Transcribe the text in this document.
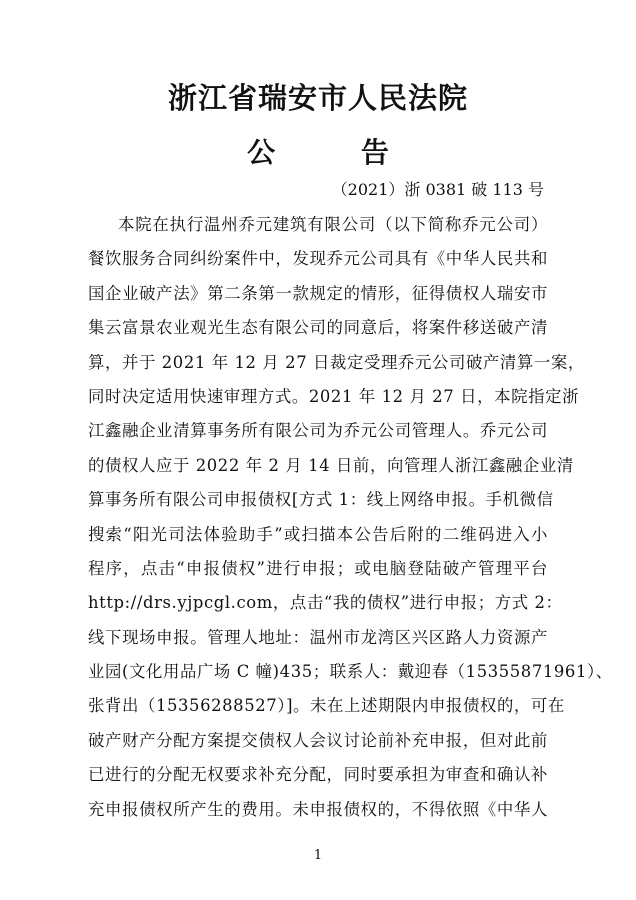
浙江省瑞安市人民法院
公 告
（2021）浙 0381 破 113 号
本院在执行温州乔元建筑有限公司（以下简称乔元公司）
餐饮服务合同纠纷案件中，发现乔元公司具有《中华人民共和
国企业破产法》第二条第一款规定的情形，征得债权人瑞安市
集云富景农业观光生态有限公司的同意后，将案件移送破产清
算，并于 2021 年 12 月 27 日裁定受理乔元公司破产清算一案，
同时决定适用快速审理方式。2021 年 12 月 27 日，本院指定浙
江鑫融企业清算事务所有限公司为乔元公司管理人。乔元公司
的债权人应于 2022 年 2 月 14 日前，向管理人浙江鑫融企业清
算事务所有限公司申报债权[方式 1：线上网络申报。手机微信
搜索“阳光司法体验助手”或扫描本公告后附的二维码进入小
程序，点击“申报债权”进行申报；或电脑登陆破产管理平台
http://drs.yjpcgl.com，点击“我的债权”进行申报；方式 2：
线下现场申报。管理人地址：温州市龙湾区兴区路人力资源产
业园(文化用品广场 C 幢)435；联系人：戴迎春（15355871961）、
张背出（15356288527）]。未在上述期限内申报债权的，可在
破产财产分配方案提交债权人会议讨论前补充申报，但对此前
已进行的分配无权要求补充分配，同时要承担为审查和确认补
充申报债权所产生的费用。未申报债权的，不得依照《中华人
1
